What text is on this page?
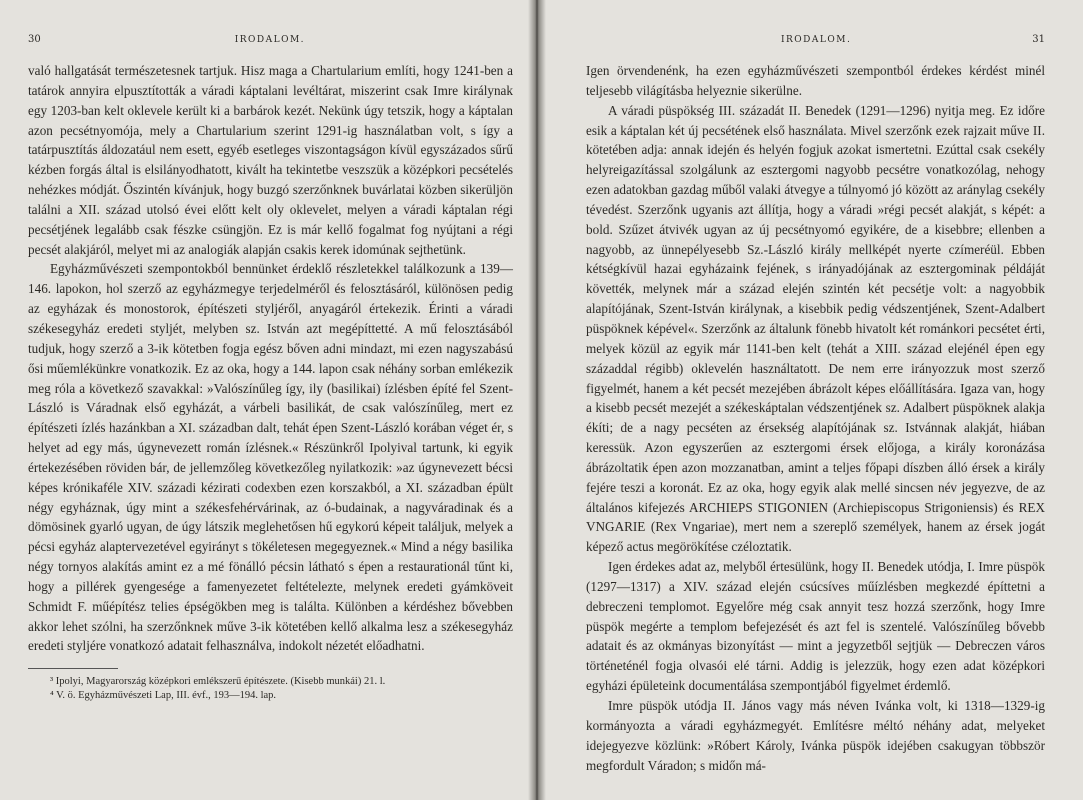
30	IRODALOM.

való hallgatását természetesnek tartjuk. Hisz maga a Chartularium említi, hogy 1241-ben a tatárok annyira elpusztították a váradi káptalani levéltárat, miszerint csak Imre királynak egy 1203-ban kelt oklevele került ki a barbárok kezét. Nekünk úgy tetszik, hogy a káptalan azon pecsétnyomója, mely a Chartularium szerint 1291-ig használatban volt, s így a tatárpusztítás áldozatául nem esett, egyéb esetleges viszontagságon kívül egyszázados sűrű kézben forgás által is elsilányodhatott, kivált ha tekintetbe veszszük a középkori pecsételés nehézkes módját. Őszintén kívánjuk, hogy buzgó szerzőnknek buvárlatai közben sikerüljön találni a XII. század utolsó évei előtt kelt oly oklevelet, melyen a váradi káptalan régi pecsétjének legalább csak fészke csüngjön. Ez is már kellő fogalmat fog nyújtani a régi pecsét alakjáról, melyet mi az analogiák alapján csakis kerek idomúnak sejthetünk.

Egyházművészeti szempontokból bennünket érdeklő részletekkel találkozunk a 139—146. lapokon, hol szerző az egyházmegye terjedelméről és felosztásáról, különösen pedig az egyházak és monostorok, építészeti styljéről, anyagáról értekezik. Érinti a váradi székesegyház eredeti styljét, melyben sz. István azt megépíttetté. A mű felosztásából tudjuk, hogy szerző a 3-ik kötetben fogja egész bőven adni mindazt, mi ezen nagyszabású ősi műemlékünkre vonatkozik. Ez az oka, hogy a 144. lapon csak néhány sorban emlékezik meg róla a következő szavakkal: »Valószínűleg így, ily (basilikai) ízlésben építé fel Szent-László is Váradnak első egyházát, a várbeli basilikát, de csak valószínűleg, mert ez építészeti ízlés hazánkban a XI. században dalt, tehát épen Szent-László korában véget ér, s helyet ad egy más, úgynevezett román ízlésnek.« Részünkről Ipolyival tartunk, ki egyik értekezésében röviden bár, de jellemzőleg következőleg nyilatkozik: »az úgynevezett bécsi képes krónikaféle XIV. századi kézirati codexben ezen korszakból, a XI. században épült négy egyháznak, úgy mint a székesfehérvárinak, az ó-budainak, a nagyváradinak és a dömösinek gyarló ugyan, de úgy látszik meglehetősen hű egykorú képeit találjuk, melyek a pécsi egyház alaptervezetével egyirányt s tökéletesen megegyeznek.« Mind a négy basilika négy tornyos alakítás amint ez a mé fönálló pécsin látható s épen a restaurationál tűnt ki, hogy a pillérek gyengesége a famenyezetet feltételezte, melynek eredeti gyámköveit Schmidt F. műépítész telies épségökben meg is találta. Különben a kérdéshez bővebben akkor lehet szólni, ha szerzőnknek műve 3-ik kötetében kellő alkalma lesz a székesegyház eredeti styljére vonatkozó adatait felhasználva, indokolt nézetét előadhatni.

³ Ipolyi, Magyarország középkori emlékszerű építészete. (Kisebb munkái) 21. l.

⁴ V. ö. Egyházművészeti Lap, III. évf., 193—194. lap.

IRODALOM.	31

Igen örvendenénk, ha ezen egyházművészeti szempontból érdekes kérdést minél teljesebb világításba helyeznie sikerülne.

A váradi püspökség III. századát II. Benedek (1291—1296) nyitja meg. Ez időre esik a káptalan két új pecsétének első használata. Mivel szerzőnk ezek rajzait műve II. kötetében adja: annak idején és helyén fogjuk azokat ismertetni. Ezúttal csak csekély helyreigazítással szolgálunk az esztergomi nagyobb pecsétre vonatkozólag, nehogy ezen adatokban gazdag műből valaki átvegye a túlnyomó jó között az aránylag csekély tévedést. Szerzőnk ugyanis azt állítja, hogy a váradi »régi pecsét alakját, s képét: a bold. Szűzet átvivék ugyan az új pecsétnyomó egyikére, de a kisebbre; ellenben a nagyobb, az ünnepélyesebb Sz.-László király mellképét nyerte czímeréül. Ebben kétségkívül hazai egyházaink fejének, s irányadójának az esztergominak példáját követték, melynek már a század elején szintén két pecsétje volt: a nagyobbik alapítójának, Szent-István királynak, a kisebbik pedig védszentjének, Szent-Adalbert püspöknek képével«. Szerzőnk az általunk fönebb hivatolt két románkori pecsétet érti, melyek közül az egyik már 1141-ben kelt (tehát a XIII. század elejénél épen egy századdal régibb) oklevelén használtatott. De nem erre irányozzuk most szerző figyelmét, hanem a két pecsét mezejében ábrázolt képes előállítására. Igaza van, hogy a kisebb pecsét mezejét a székeskáptalan védszentjének sz. Adalbert püspöknek alakja ékíti; de a nagy pecséten az érsekség alapítójának sz. Istvánnak alakját, hiában keressük. Azon egyszerűen az esztergomi érsek előjoga, a király koronázása ábrázoltatik épen azon mozzanatban, amint a teljes főpapi díszben álló érsek a király fejére teszi a koronát. Ez az oka, hogy egyik alak mellé sincsen név jegyezve, de az általános kifejezés ARCHIEPS STIGONIEN (Archiepiscopus Strigoniensis) és REX VNGARIE (Rex Vngariae), mert nem a szereplő személyek, hanem az érsek jogát képező actus megörökítése czéloztatik.

Igen érdekes adat az, melyből értesülünk, hogy II. Benedek utódja, I. Imre püspök (1297—1317) a XIV. század elején csúcsíves műízlésben megkezdé építtetni a debreczeni templomot. Egyelőre még csak annyit tesz hozzá szerzőnk, hogy Imre püspök megérte a templom befejezését és azt fel is szentelé. Valószínűleg bővebb adatait és az okmányas bizonyítást — mint a jegyzetből sejtjük — Debreczen város történeténél fogja olvasói elé tárni. Addig is jelezzük, hogy ezen adat középkori egyházi épületeink documentálása szempontjából figyelmet érdemlő.

Imre püspök utódja II. János vagy más néven Ivánka volt, ki 1318—1329-ig kormányozta a váradi egyházmegyét. Említésre méltó néhány adat, melyeket idejegyezve közlünk: »Róbert Károly, Ivánka püspök idejében csakugyan többször megfordult Váradon; s midőn má-
